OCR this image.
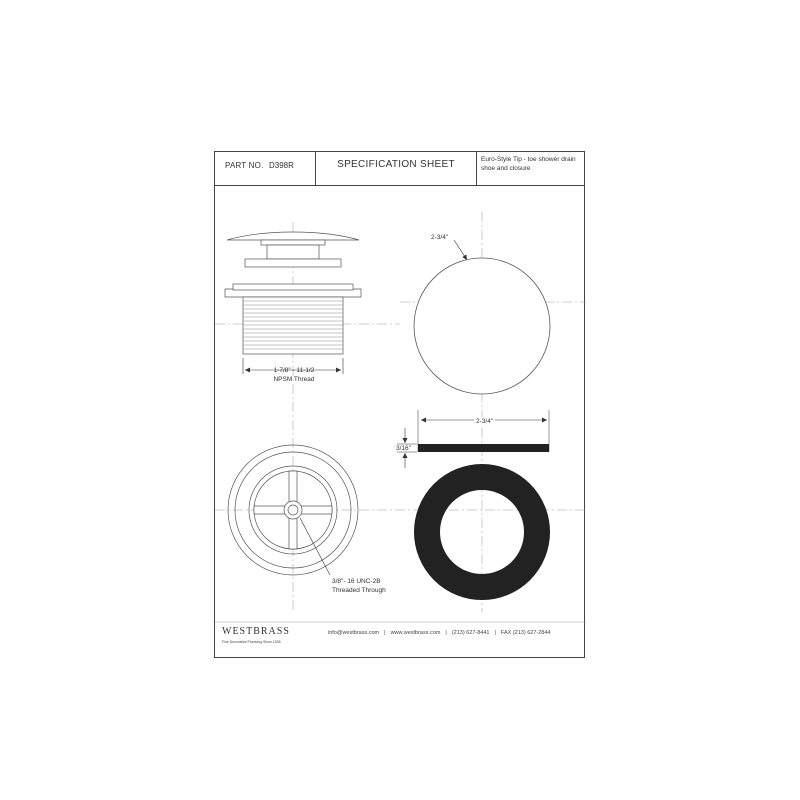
PART NO. D398R	SPECIFICATION SHEET	Euro-Style Tip - toe shower drain shoe and closure
1-7/8" - 11-1/2
NPSM Thread
2-3/4"
2-3/4"
3/16"
3/8"- 16 UNC-2B
Threaded Through
WESTBRASS
Fine Decorative Plumbing Since 1935
info@westbrass.com | www.westbrass.com | (213) 627-8441 | FAX (213) 627-2844
